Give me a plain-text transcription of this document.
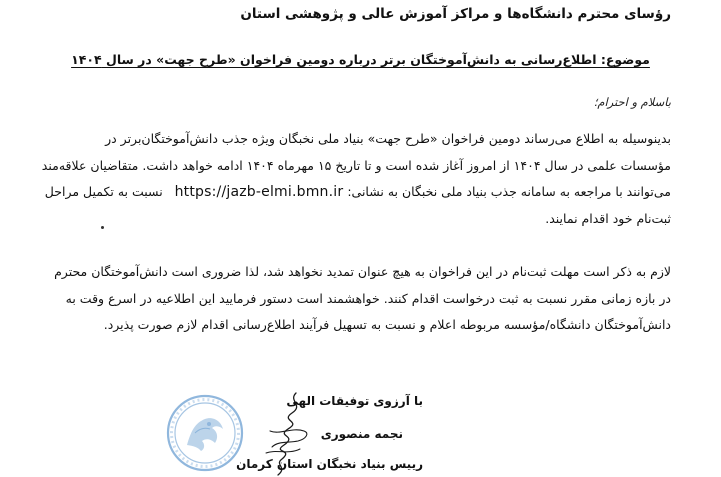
رؤسای محترم دانشگاه‌ها و مراکز آموزش عالی و پژوهشی استان
موضوع: اطلاع‌رسانی به دانش‌آموختگان برتر درباره دومین فراخوان «طرح جهت» در سال ۱۴۰۴
باسلام و احترام؛
بدینوسیله به اطلاع می‌رساند دومین فراخوان «طرح جهت» بنیاد ملی نخبگان ویژه جذب دانش‌آموختگان‌برتر در
مؤسسات علمی در سال ۱۴۰۴ از امروز آغاز شده است و تا تاریخ ۱۵ مهرماه ۱۴۰۴ ادامه خواهد داشت. متقاضیان علاقه‌مند
می‌توانند با مراجعه به سامانه جذب بنیاد ملی نخبگان به نشانی: https://jazb-elmi.bmn.ir   نسبت به تکمیل مراحل
ثبت‌نام خود اقدام نمایند.
لازم به ذکر است مهلت ثبت‌نام در این فراخوان به هیچ عنوان تمدید نخواهد شد، لذا ضروری است دانش‌آموختگان محترم
در بازه زمانی مقرر نسبت به ثبت درخواست اقدام کنند. خواهشمند است دستور فرمایید این اطلاعیه در اسرع وقت به
دانش‌آموختگان دانشگاه/مؤسسه مربوطه اعلام و نسبت به تسهیل فرآیند اطلاع‌رسانی اقدام لازم صورت پذیرد.
با آرزوی توفیقات الهی
نجمه منصوری
رییس بنیاد نخبگان استان کرمان
